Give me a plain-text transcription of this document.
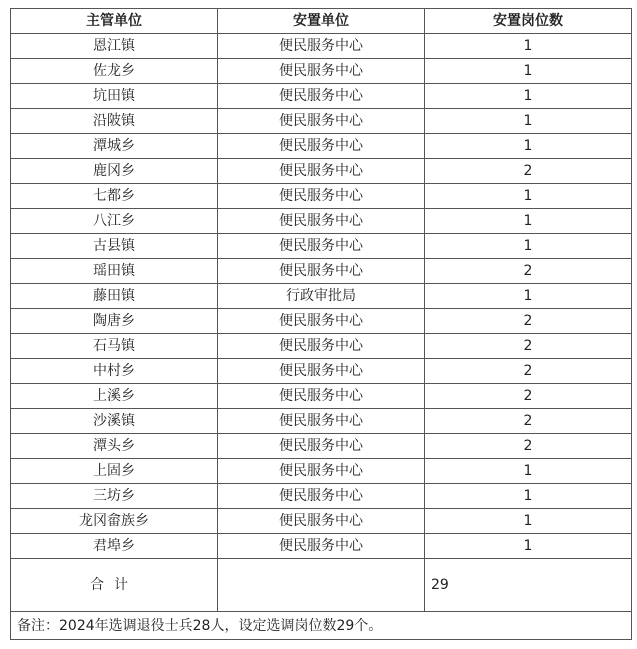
主管单位	安置单位	安置岗位数
恩江镇	便民服务中心	1
佐龙乡	便民服务中心	1
坑田镇	便民服务中心	1
沿陂镇	便民服务中心	1
潭城乡	便民服务中心	1
鹿冈乡	便民服务中心	2
七都乡	便民服务中心	1
八江乡	便民服务中心	1
古县镇	便民服务中心	1
瑶田镇	便民服务中心	2
藤田镇	行政审批局	1
陶唐乡	便民服务中心	2
石马镇	便民服务中心	2
中村乡	便民服务中心	2
上溪乡	便民服务中心	2
沙溪镇	便民服务中心	2
潭头乡	便民服务中心	2
上固乡	便民服务中心	1
三坊乡	便民服务中心	1
龙冈畲族乡	便民服务中心	1
君埠乡	便民服务中心	1
合计		29
备注：2024年选调退役士兵28人，设定选调岗位数29个。		
